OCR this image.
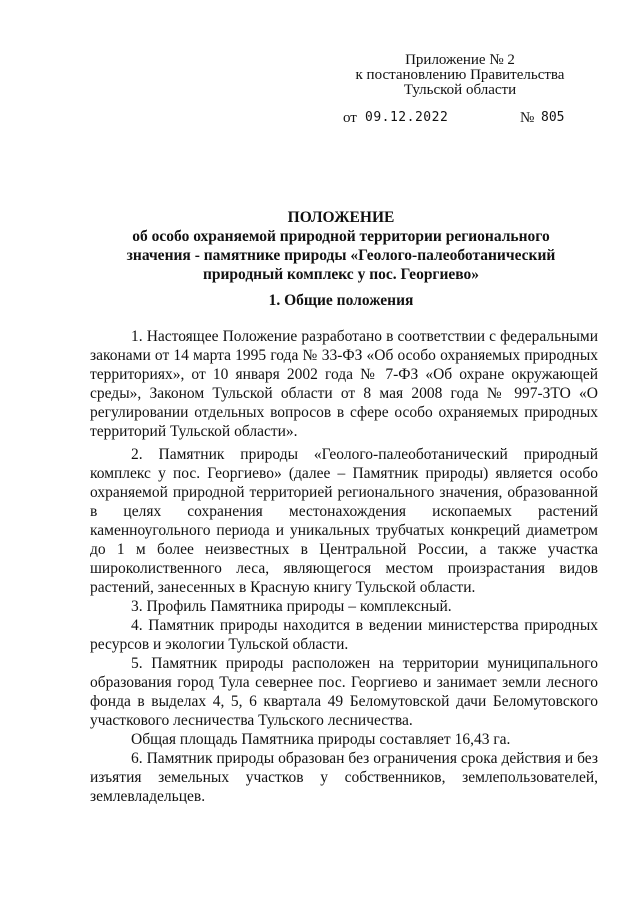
Приложение № 2
к постановлению Правительства
Тульской области
от 09.12.2022	№ 805
ПОЛОЖЕНИЕ
об особо охраняемой природной территории регионального значения - памятнике природы «Геолого-палеоботанический природный комплекс у пос. Георгиево»
1. Общие положения

1. Настоящее Положение разработано в соответствии с федеральными законами от 14 марта 1995 года № 33-ФЗ «Об особо охраняемых природных территориях», от 10 января 2002 года № 7-ФЗ «Об охране окружающей среды», Законом Тульской области от 8 мая 2008 года № 997-ЗТО «О регулировании отдельных вопросов в сфере особо охраняемых природных территорий Тульской области».

2. Памятник природы «Геолого-палеоботанический природный комплекс у пос. Георгиево» (далее – Памятник природы) является особо охраняемой природной территорией регионального значения, образованной в целях сохранения местонахождения ископаемых растений каменноугольного периода и уникальных трубчатых конкреций диаметром до 1 м более неизвестных в Центральной России, а также участка широколиственного леса, являющегося местом произрастания видов растений, занесенных в Красную книгу Тульской области.

3. Профиль Памятника природы – комплексный.

4. Памятник природы находится в ведении министерства природных ресурсов и экологии Тульской области.

5. Памятник природы расположен на территории муниципального образования город Тула севернее пос. Георгиево и занимает земли лесного фонда в выделах 4, 5, 6 квартала 49 Беломутовской дачи Беломутовского участкового лесничества Тульского лесничества.

Общая площадь Памятника природы составляет 16,43 га.

6. Памятник природы образован без ограничения срока действия и без изъятия земельных участков у собственников, землепользователей, землевладельцев.
